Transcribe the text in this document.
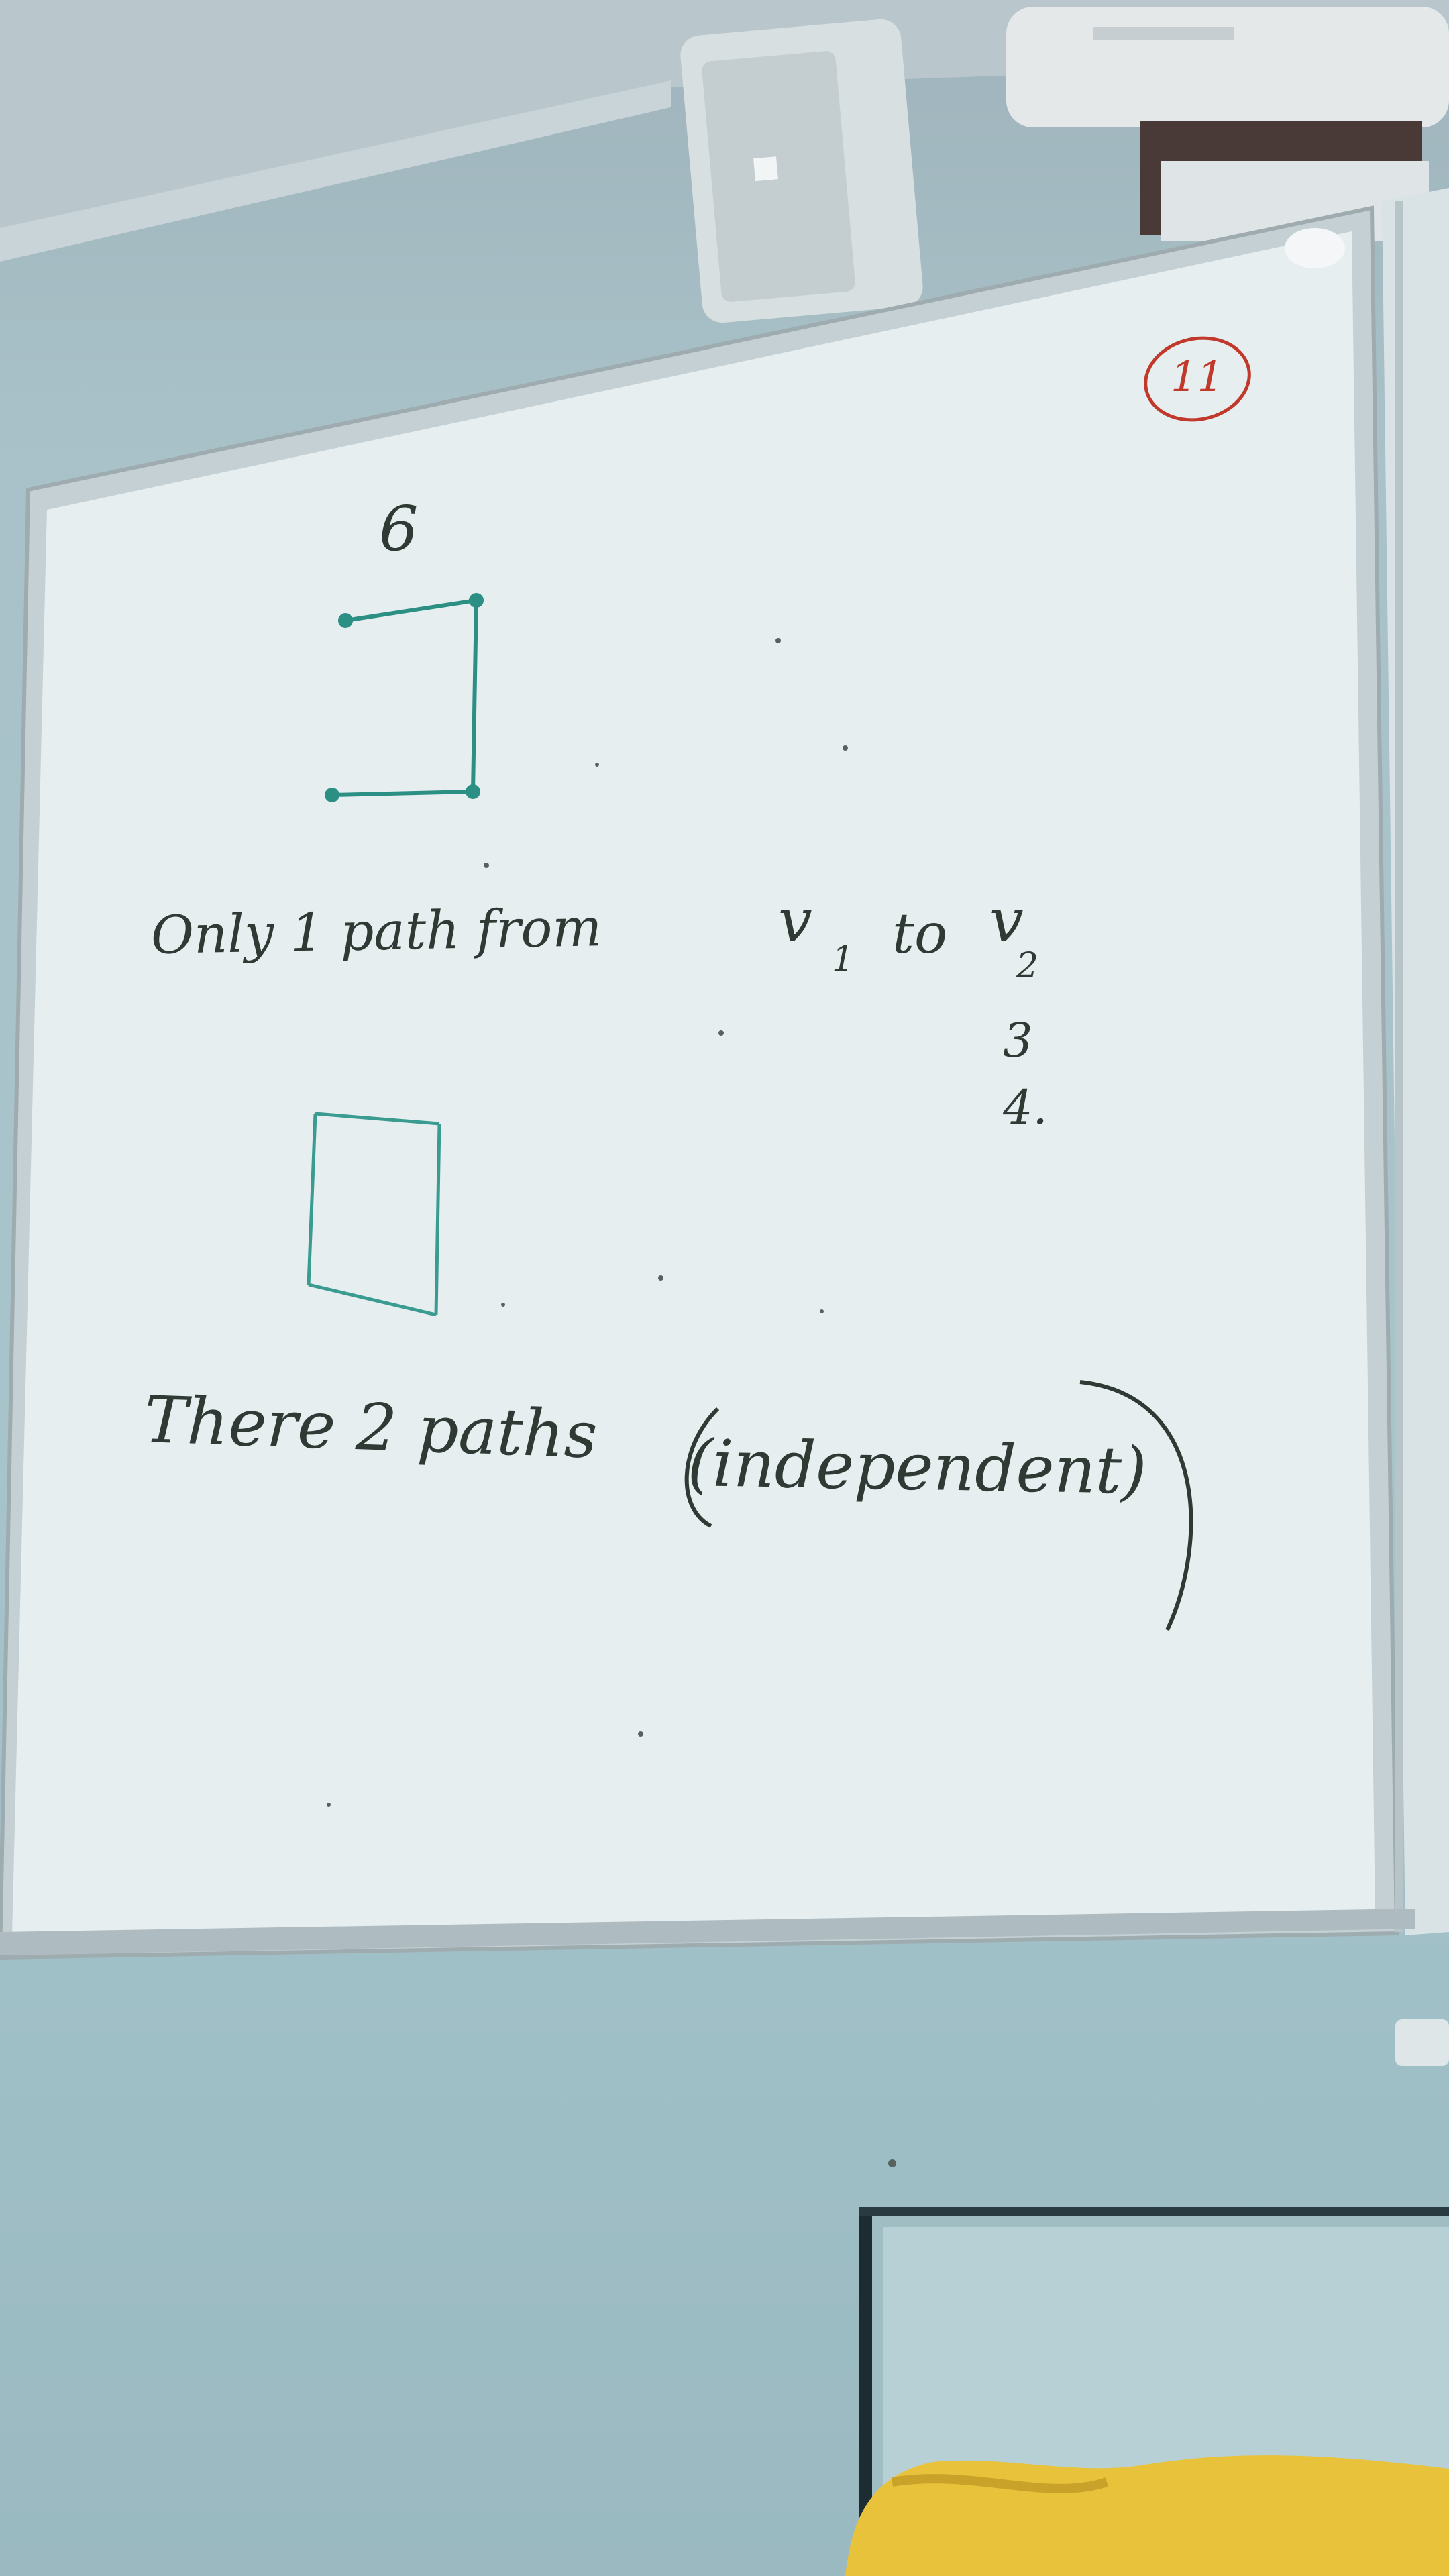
11

6

Only 1 path from	v

1 to v

2

3

4.

There 2 paths (independent)
